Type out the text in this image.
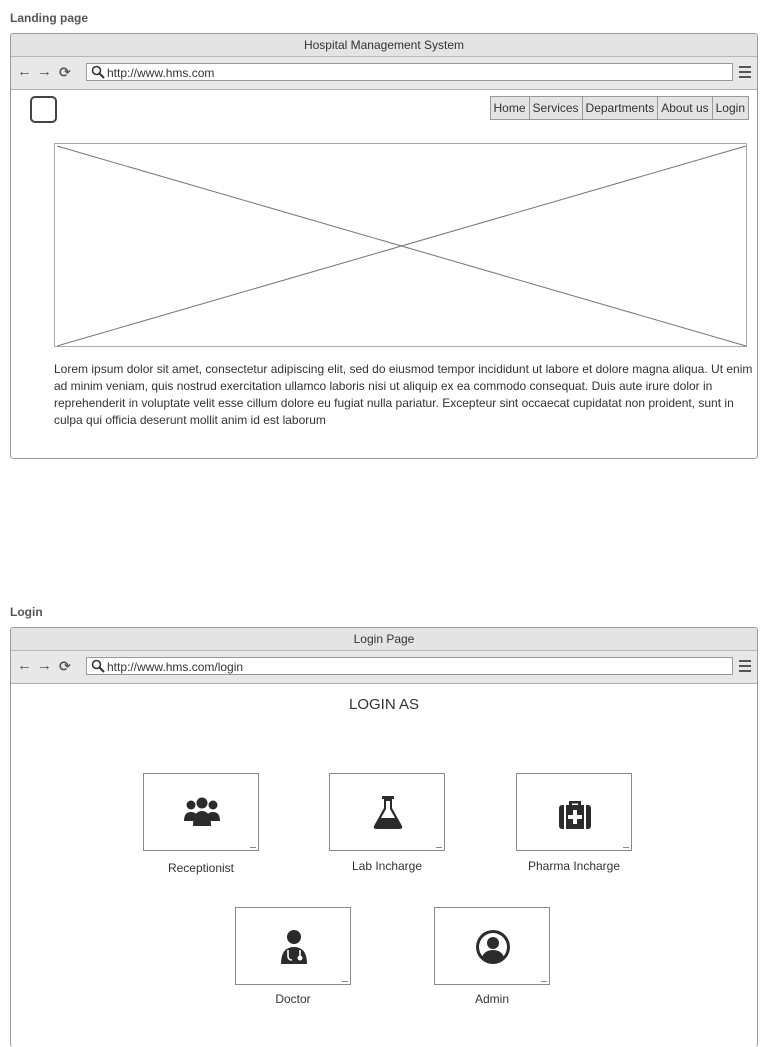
Landing page
Hospital Management System
← → ⟳	http://www.hms.com
Home Services Departments About us Login
Lorem ipsum dolor sit amet, consectetur adipiscing elit, sed do eiusmod tempor incididunt ut labore et dolore magna aliqua. Ut enim ad minim veniam, quis nostrud exercitation ullamco laboris nisi ut aliquip ex ea commodo consequat. Duis aute irure dolor in reprehenderit in voluptate velit esse cillum dolore eu fugiat nulla pariatur. Excepteur sint occaecat cupidatat non proident, sunt in culpa qui officia deserunt mollit anim id est laborum
Login
Login Page
← → ⟳	http://www.hms.com/login
LOGIN AS
Receptionist	Lab Incharge	Pharma Incharge
Doctor	Admin
